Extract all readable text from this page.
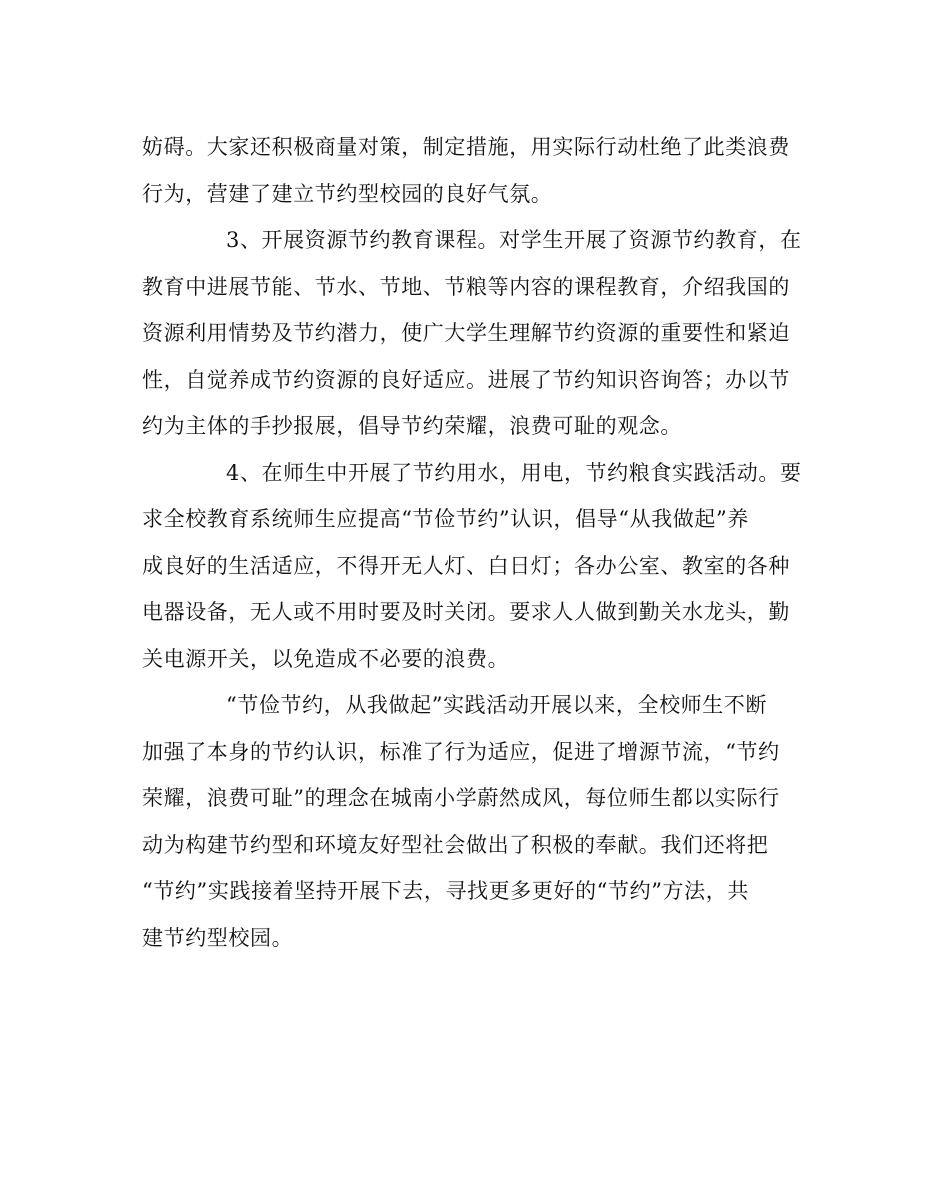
妨碍。大家还积极商量对策，制定措施，用实际行动杜绝了此类浪费
行为，营建了建立节约型校园的良好气氛。
3、开展资源节约教育课程。对学生开展了资源节约教育，在
教育中进展节能、节水、节地、节粮等内容的课程教育，介绍我国的
资源利用情势及节约潜力，使广大学生理解节约资源的重要性和紧迫
性，自觉养成节约资源的良好适应。进展了节约知识咨询答；办以节
约为主体的手抄报展，倡导节约荣耀，浪费可耻的观念。
4、在师生中开展了节约用水，用电，节约粮食实践活动。要
求全校教育系统师生应提高“节俭节约”认识，倡导“从我做起”养
成良好的生活适应，不得开无人灯、白日灯；各办公室、教室的各种
电器设备，无人或不用时要及时关闭。要求人人做到勤关水龙头，勤
关电源开关，以免造成不必要的浪费。
“节俭节约，从我做起”实践活动开展以来，全校师生不断
加强了本身的节约认识，标准了行为适应，促进了增源节流，“节约
荣耀，浪费可耻”的理念在城南小学蔚然成风，每位师生都以实际行
动为构建节约型和环境友好型社会做出了积极的奉献。我们还将把
“节约”实践接着坚持开展下去，寻找更多更好的“节约”方法，共
建节约型校园。
